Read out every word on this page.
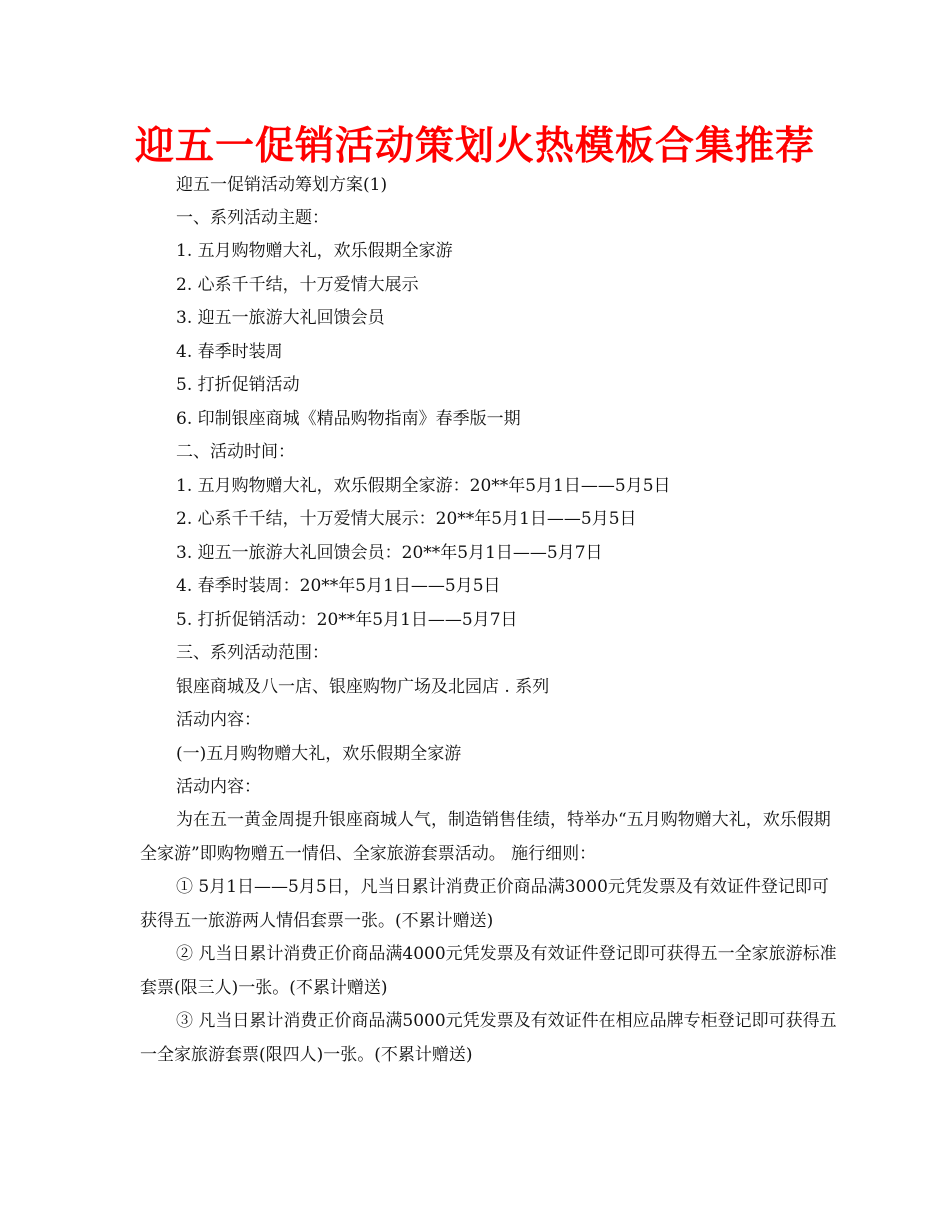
迎五一促销活动策划火热模板合集推荐
迎五一促销活动筹划方案(1)
一、系列活动主题：
1. 五月购物赠大礼，欢乐假期全家游
2. 心系千千结，十万爱情大展示
3. 迎五一旅游大礼回馈会员
4. 春季时装周
5. 打折促销活动
6. 印制银座商城《精品购物指南》春季版一期
二、活动时间：
1. 五月购物赠大礼，欢乐假期全家游：20**年5月1日——5月5日
2. 心系千千结，十万爱情大展示：20**年5月1日——5月5日
3. 迎五一旅游大礼回馈会员：20**年5月1日——5月7日
4. 春季时装周：20**年5月1日——5月5日
5. 打折促销活动：20**年5月1日——5月7日
三、系列活动范围：
银座商城及八一店、银座购物广场及北园店 . 系列
活动内容：
(一)五月购物赠大礼，欢乐假期全家游
活动内容：
为在五一黄金周提升银座商城人气，制造销售佳绩，特举办“五月购物赠大礼，欢乐假期全家游”即购物赠五一情侣、全家旅游套票活动。 施行细则：
① 5月1日——5月5日，凡当日累计消费正价商品满3000元凭发票及有效证件登记即可获得五一旅游两人情侣套票一张。(不累计赠送)
② 凡当日累计消费正价商品满4000元凭发票及有效证件登记即可获得五一全家旅游标准套票(限三人)一张。(不累计赠送)
③ 凡当日累计消费正价商品满5000元凭发票及有效证件在相应品牌专柜登记即可获得五一全家旅游套票(限四人)一张。(不累计赠送)
